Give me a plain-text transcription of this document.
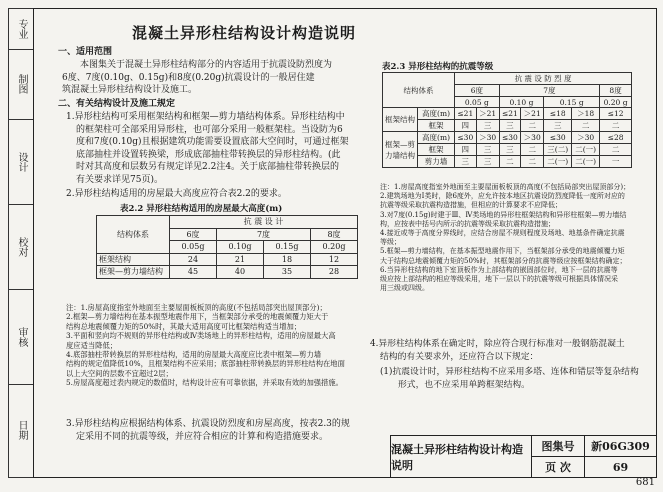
专业
制图
设计
校对
审核
日期
混凝土异形柱结构设计构造说明
一、适用范围
本图集关于混凝土异形柱结构部分的内容适用于抗震设防烈度为
6度、7度(0.10g、0.15g)和8度(0.20g)抗震设计的一般居住建
筑混凝土异形柱结构设计及施工。
二、有关结构设计及施工规定
1.异形柱结构可采用框架结构和框架—剪力墙结构体系。异形柱结构中
的框架柱可全部采用异形柱，也可部分采用一般框架柱。当设防为6
度和7度(0.10g)且根据建筑功能需要设置底部大空间时，可通过框架
底部抽柱并设置转换梁，形成底部抽柱带转换层的异形柱结构。(此
时对其高度和层数另有规定详见2.2注4。关于底部抽柱带转换层的
有关要求详见75页)。
2.异形柱结构适用的房屋最大高度应符合表2.2的要求。
表2.2 异形柱结构适用的房屋最大高度(m)
结构体系	抗 震 设 计			
	6度	7度		8度
	0.05g	0.10g	0.15g	0.20g
框架结构	24	21	18	12
框架—剪力墙结构	45	40	35	28
注：1.房屋高度指室外地面至主要屋面板板顶的高度(不包括局部突出屋顶部分)；
2.框架—剪力墙结构在基本振型地震作用下，当框架部分承受的地震倾覆力矩大于
结构总地震倾覆力矩的50%时，其最大适用高度可比框架结构适当增加；
3.平面和竖向均不规则的异形柱结构或Ⅳ类场地上的异形柱结构，适用的房屋最大高
度应适当降低；
4.底部抽柱带转换层的异形柱结构，适用的房屋最大高度应比表中框架—剪力墙
结构的规定值降低10%，且框架结构不应采用；底部抽柱带转换层的异形柱结构在地面
以上大空间的层数不宜超过2层；
5.房屋高度超过表内规定的数值时，结构设计应有可靠依据，并采取有效的加强措施。
3.异形柱结构应根据结构体系、抗震设防烈度和房屋高度，按表2.3的规
定采用不同的抗震等级，并应符合相应的计算和构造措施要求。
表2.3 异形柱结构的抗震等级
结构体系		抗 震 设 防 烈 度						
		6度		7度				8度
		0.05 g		0.10 g		0.15 g		0.20 g
框架结构	高度(m)	≤21	＞21	≤21	＞21	≤18	＞18	≤12
	框架	四	三	三	二	三	二	二
框架—剪力墙结构	高度(m)	≤30	＞30	≤30	＞30	≤30	＞30	≤28
	框架	四	三	三	二	三(二)	二(一)	二
	剪力墙	三	三	二	二	二(一)	二(一)	一
注：1.房屋高度指室外地面至主要屋面板板顶的高度(不包括局部突出屋顶部分)；
2.建筑场地为Ⅰ类时，除6度外，应允许按本地区抗震设防烈度降低一度所对应的
抗震等级采取抗震构造措施，但相应的计算要求不应降低；
3.对7度(0.15g)时建于Ⅲ、Ⅳ类场地的异形柱框架结构和异形柱框架—剪力墙结
构，应按表中括号内所示的抗震等级采取抗震构造措施；
4.接近或等于高度分界线时，应结合房屋不规则程度及场地、地基条件确定抗震
等级；
5.框架—剪力墙结构，在基本振型地震作用下，当框架部分承受的地震倾覆力矩
大于结构总地震倾覆力矩的50%时，其框架部分的抗震等级应按框架结构确定；
6.当异形柱结构的地下室顶板作为上部结构的嵌固部位时，地下一层的抗震等
级应按上部结构的相应等级采用，地下一层以下的抗震等级可根据具体情况采
用三级或四级。
4.异形柱结构体系在确定时，除应符合现行标准对一般钢筋混凝土
结构的有关要求外，还应符合以下规定：
(1)抗震设计时，异形柱结构不应采用多塔、连体和错层等复杂结构
形式，也不应采用单跨框架结构。
混凝土异形柱结构设计构造说明
图集号	新06G309
页 次	69
681
